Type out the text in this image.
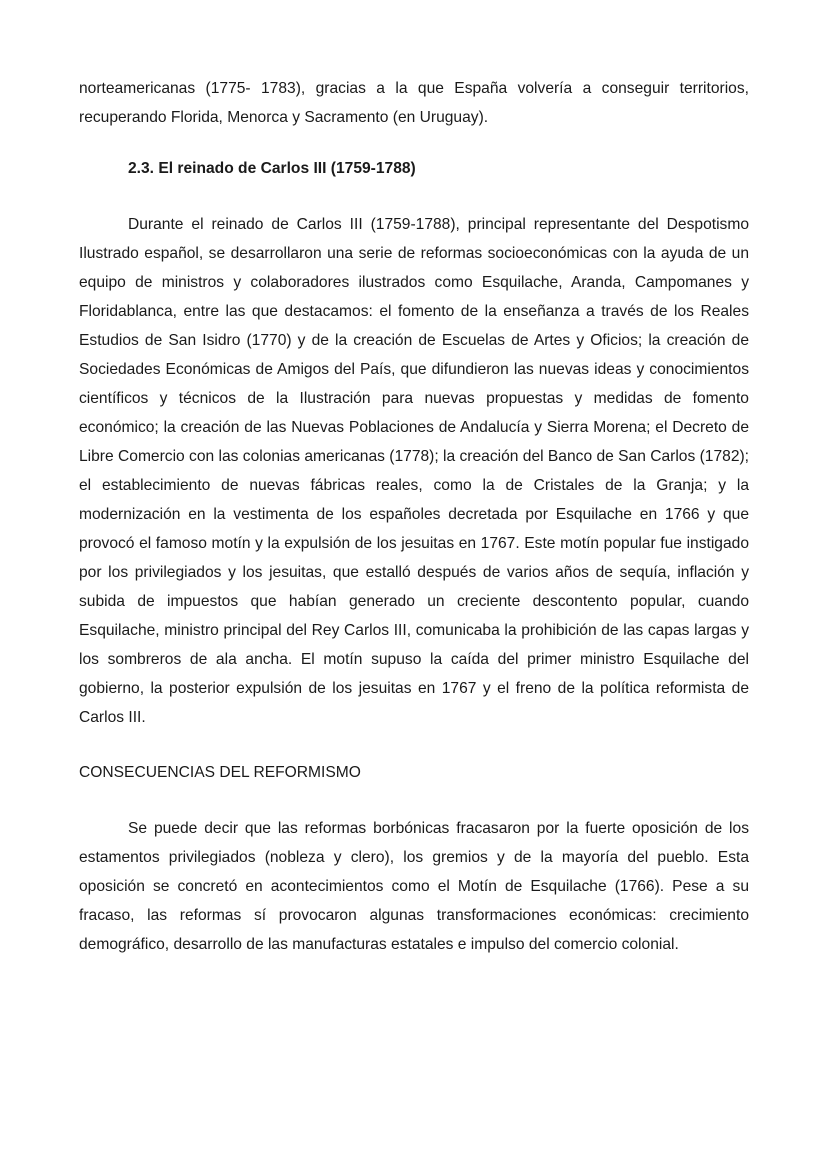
norteamericanas (1775- 1783), gracias a la que España volvería a conseguir territorios, recuperando Florida, Menorca y Sacramento (en Uruguay).

2.3. El reinado de Carlos III (1759-1788)

Durante el reinado de Carlos III (1759-1788), principal representante del Despotismo Ilustrado español, se desarrollaron una serie de reformas socioeconómicas con la ayuda de un equipo de ministros y colaboradores ilustrados como Esquilache, Aranda, Campomanes y Floridablanca, entre las que destacamos: el fomento de la enseñanza a través de los Reales Estudios de San Isidro (1770) y de la creación de Escuelas de Artes y Oficios; la creación de Sociedades Económicas de Amigos del País, que difundieron las nuevas ideas y conocimientos científicos y técnicos de la Ilustración para nuevas propuestas y medidas de fomento económico; la creación de las Nuevas Poblaciones de Andalucía y Sierra Morena; el Decreto de Libre Comercio con las colonias americanas (1778); la creación del Banco de San Carlos (1782); el establecimiento de nuevas fábricas reales, como la de Cristales de la Granja; y la modernización en la vestimenta de los españoles decretada por Esquilache en 1766 y que provocó el famoso motín y la expulsión de los jesuitas en 1767. Este motín popular fue instigado por los privilegiados y los jesuitas, que estalló después de varios años de sequía, inflación y subida de impuestos que habían generado un creciente descontento popular, cuando Esquilache, ministro principal del Rey Carlos III, comunicaba la prohibición de las capas largas y los sombreros de ala ancha. El motín supuso la caída del primer ministro Esquilache del gobierno, la posterior expulsión de los jesuitas en 1767 y el freno de la política reformista de Carlos III.

CONSECUENCIAS DEL REFORMISMO

Se puede decir que las reformas borbónicas fracasaron por la fuerte oposición de los estamentos privilegiados (nobleza y clero), los gremios y de la mayoría del pueblo. Esta oposición se concretó en acontecimientos como el Motín de Esquilache (1766). Pese a su fracaso, las reformas sí provocaron algunas transformaciones económicas: crecimiento demográfico, desarrollo de las manufacturas estatales e impulso del comercio colonial.
